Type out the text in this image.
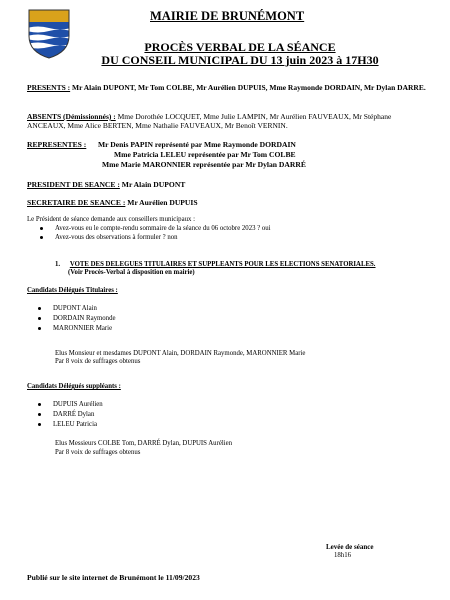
MAIRIE DE BRUNÉMONT
PROCÈS VERBAL DE LA SÉANCE
DU CONSEIL MUNICIPAL DU 13 juin 2023 à 17H30
PRESENTS : Mr Alain DUPONT, Mr Tom COLBE, Mr Aurélien DUPUIS, Mme Raymonde DORDAIN, Mr Dylan DARRE.
ABSENTS (Démissionnés) : Mme Dorothée LOCQUET, Mme Julie LAMPIN, Mr Aurélien FAUVEAUX, Mr Stéphane ANCEAUX, Mme Alice BERTEN, Mme Nathalie FAUVEAUX, Mr Benoît VERNIN.
REPRESENTES : Mr Denis PAPIN représenté par Mme Raymonde DORDAIN
Mme Patricia LELEU représentée par Mr Tom COLBE
Mme Marie MARONNIER représentée par Mr Dylan DARRÉ
PRESIDENT DE SEANCE : Mr Alain DUPONT
SECRETAIRE DE SEANCE : Mr Aurélien DUPUIS
Le Président de séance demande aux conseillers municipaux :
Avez-vous eu le compte-rendu sommaire de la séance du 06 octobre 2023 ? oui
Avez-vous des observations à formuler ? non
1. VOTE DES DELEGUES TITULAIRES ET SUPPLEANTS POUR LES ELECTIONS SENATORIALES.
(Voir Procès-Verbal à disposition en mairie)
Candidats Délégués Titulaires :
DUPONT Alain
DORDAIN Raymonde
MARONNIER Marie
Elus Monsieur et mesdames DUPONT Alain, DORDAIN Raymonde, MARONNIER Marie
Par 8 voix de suffrages obtenus
Candidats Délégués suppléants :
DUPUIS Aurélien
DARRÉ Dylan
LELEU Patricia
Elus Messieurs COLBE Tom, DARRÉ Dylan, DUPUIS Aurélien
Par 8 voix de suffrages obtenus
Levée de séance
18h16
Publié sur le site internet de Brunémont le 11/09/2023
